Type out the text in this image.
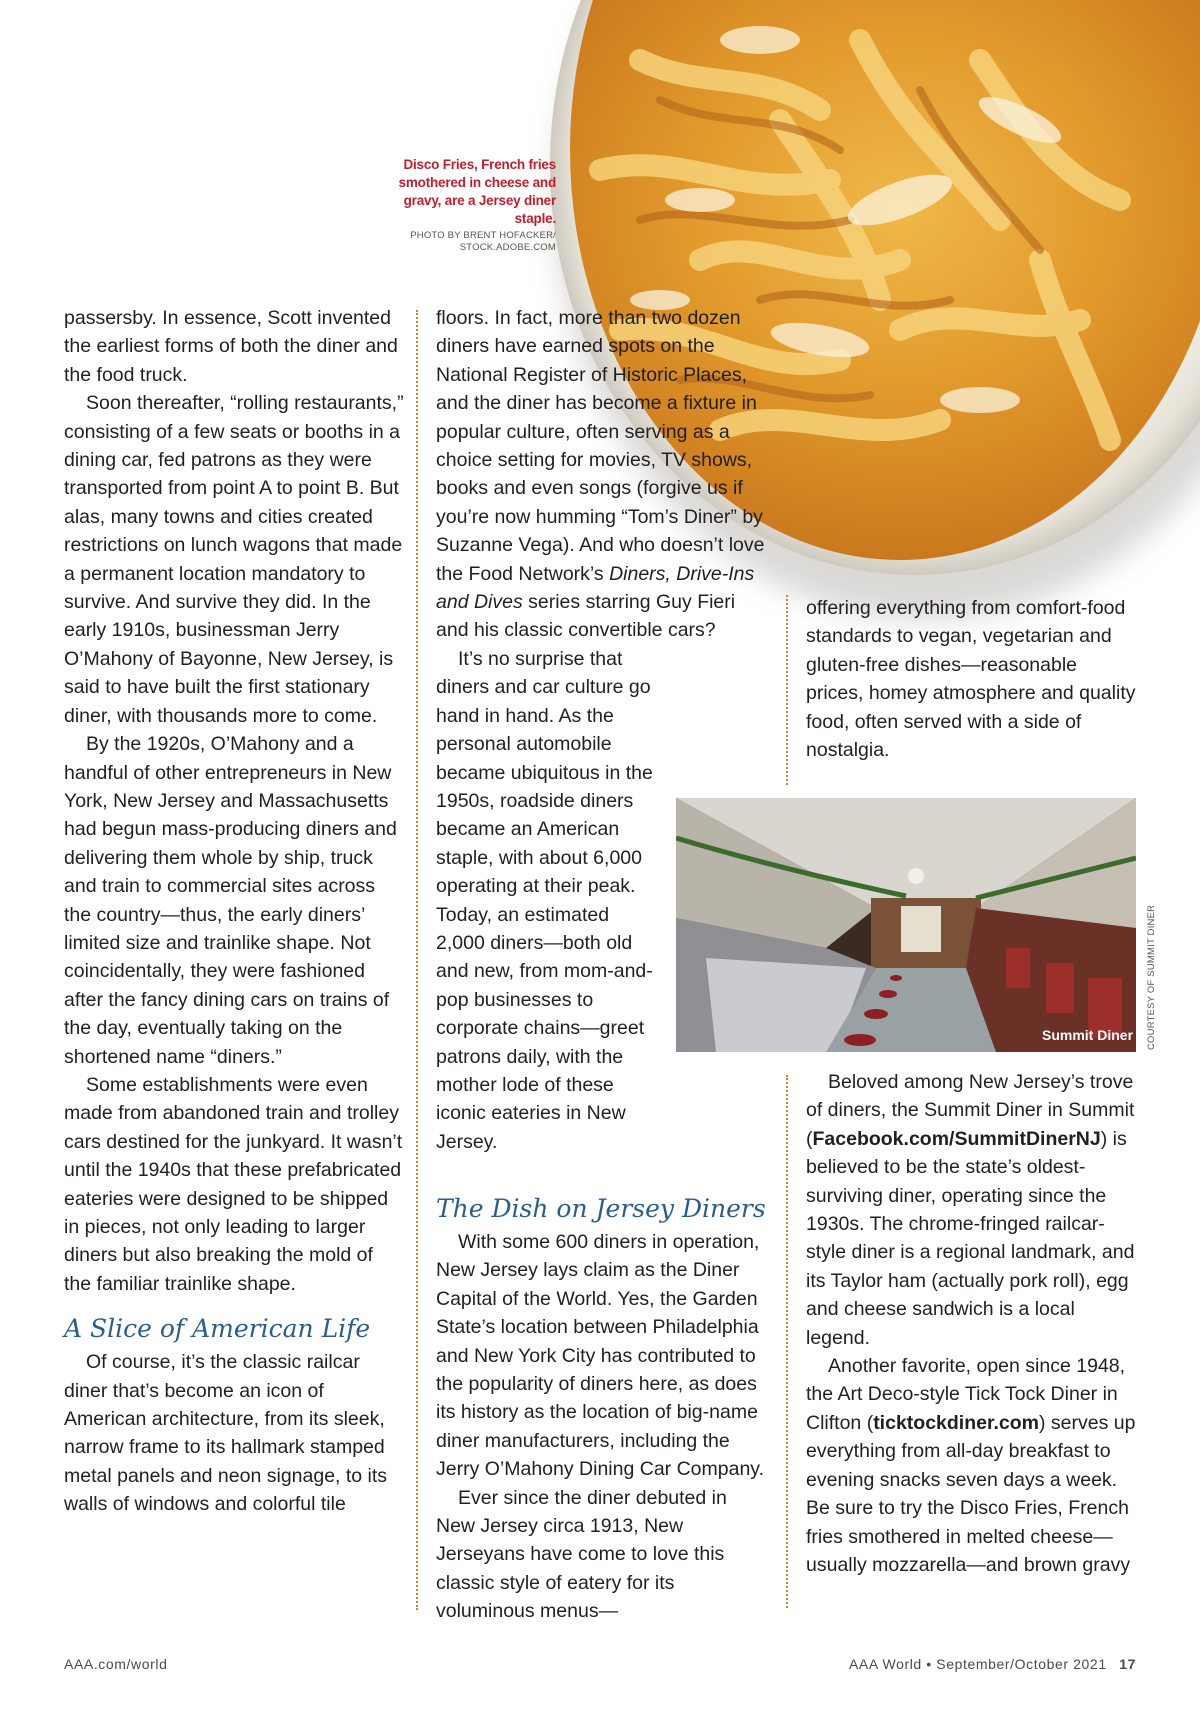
Disco Fries, French fries smothered in cheese and gravy, are a Jersey diner staple.
PHOTO BY BRENT HOFACKER/
STOCK.ADOBE.COM
Summit Diner COURTESY OF SUMMIT DINER

passersby. In essence, Scott invented the earliest forms of both the diner and the food truck.

Soon thereafter, “rolling restaurants,” consisting of a few seats or booths in a dining car, fed patrons as they were transported from point A to point B. But alas, many towns and cities created restrictions on lunch wagons that made a permanent location mandatory to survive. And survive they did. In the early 1910s, businessman Jerry O’Mahony of Bayonne, New Jersey, is said to have built the first stationary diner, with thousands more to come.

By the 1920s, O’Mahony and a handful of other entrepreneurs in New York, New Jersey and Massachusetts had begun mass-producing diners and delivering them whole by ship, truck and train to commercial sites across the country—thus, the early diners’ limited size and trainlike shape. Not coincidentally, they were fashioned after the fancy dining cars on trains of the day, eventually taking on the shortened name “diners.”

Some establishments were even made from abandoned train and trolley cars destined for the junkyard. It wasn’t until the 1940s that these prefabricated eateries were designed to be shipped in pieces, not only leading to larger diners but also breaking the mold of the familiar trainlike shape.

A Slice of American Life

Of course, it’s the classic railcar diner that’s become an icon of American architecture, from its sleek, narrow frame to its hallmark stamped metal panels and neon signage, to its walls of windows and colorful tile

floors. In fact, more than two dozen diners have earned spots on the National Register of Historic Places, and the diner has become a fixture in popular culture, often serving as a choice setting for movies, TV shows, books and even songs (forgive us if you’re now humming “Tom’s Diner” by Suzanne Vega). And who doesn’t love the Food Network’s Diners, Drive-Ins and Dives series starring Guy Fieri and his classic convertible cars?

It’s no surprise that diners and car culture go hand in hand. As the personal automobile became ubiquitous in the 1950s, roadside diners became an American staple, with about 6,000 operating at their peak. Today, an estimated 2,000 diners—both old and new, from mom-and-pop businesses to corporate chains—greet patrons daily, with the mother lode of these iconic eateries in New Jersey.

The Dish on Jersey Diners

With some 600 diners in operation, New Jersey lays claim as the Diner Capital of the World. Yes, the Garden State’s location between Philadelphia and New York City has contributed to the popularity of diners here, as does its history as the location of big-name diner manufacturers, including the Jerry O’Mahony Dining Car Company.

Ever since the diner debuted in New Jersey circa 1913, New Jerseyans have come to love this classic style of eatery for its voluminous menus—

offering everything from comfort-food standards to vegan, vegetarian and gluten-free dishes—reasonable prices, homey atmosphere and quality food, often served with a side of nostalgia.

Beloved among New Jersey’s trove of diners, the Summit Diner in Summit (Facebook.com/SummitDinerNJ) is believed to be the state’s oldest-surviving diner, operating since the 1930s. The chrome-fringed railcar-style diner is a regional landmark, and its Taylor ham (actually pork roll), egg and cheese sandwich is a local legend.

Another favorite, open since 1948, the Art Deco-style Tick Tock Diner in Clifton (ticktockdiner.com) serves up everything from all-day breakfast to evening snacks seven days a week. Be sure to try the Disco Fries, French fries smothered in melted cheese—usually mozzarella—and brown gravy

AAA.com/world	AAA World • September/October 2021 17
